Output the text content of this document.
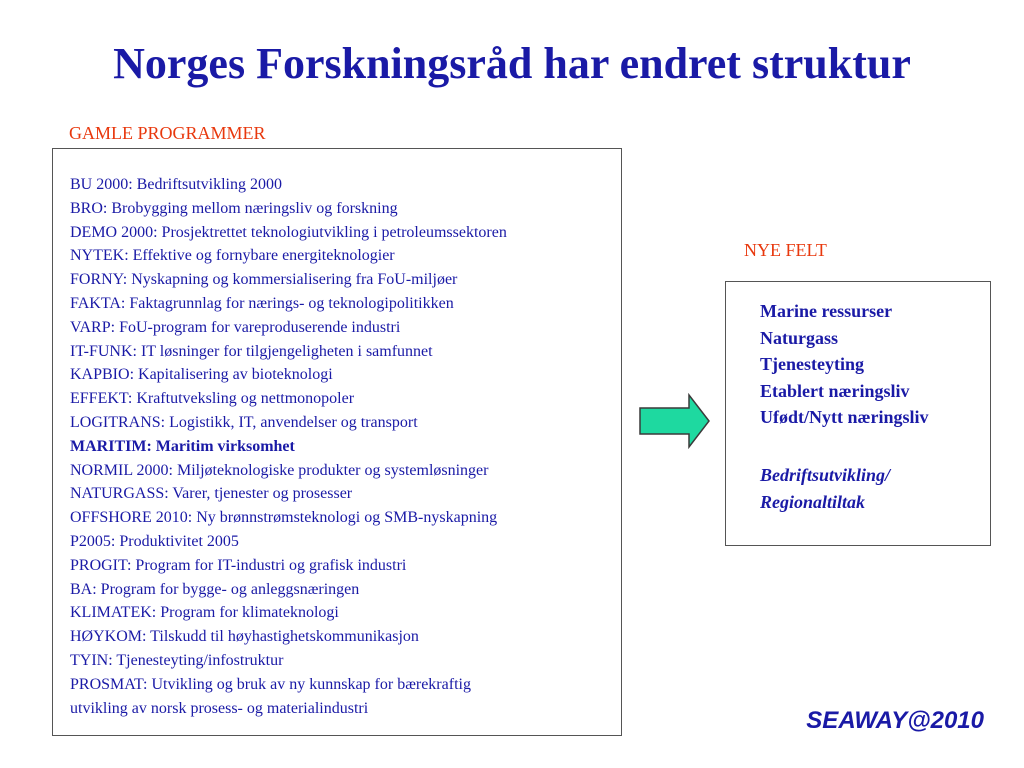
Norges Forskningsråd har endret struktur
GAMLE PROGRAMMER
BU 2000: Bedriftsutvikling 2000
BRO: Brobygging mellom næringsliv og forskning
DEMO 2000: Prosjektrettet teknologiutvikling i petroleumssektoren
NYTEK: Effektive og fornybare energiteknologier
FORNY: Nyskapning og kommersialisering fra FoU-miljøer
FAKTA: Faktagrunnlag for nærings- og teknologipolitikken
VARP: FoU-program for vareproduserende industri
IT-FUNK: IT løsninger for tilgjengeligheten i samfunnet
KAPBIO: Kapitalisering av bioteknologi
EFFEKT: Kraftutveksling og nettmonopoler
LOGITRANS: Logistikk, IT, anvendelser og transport
MARITIM: Maritim virksomhet
NORMIL 2000: Miljøteknologiske produkter og systemløsninger
NATURGASS: Varer, tjenester og prosesser
OFFSHORE 2010: Ny brønnstrømsteknologi og SMB-nyskapning
P2005: Produktivitet 2005
PROGIT: Program for IT-industri og grafisk industri
BA: Program for bygge- og anleggsnæringen
KLIMATEK: Program for klimateknologi
HØYKOM: Tilskudd til høyhastighetskommunikasjon
TYIN: Tjenesteyting/infostruktur
PROSMAT: Utvikling og bruk av ny kunnskap for bærekraftig
utvikling av norsk prosess- og materialindustri
NYE FELT
Marine ressurser
Naturgass
Tjenesteyting
Etablert næringsliv
Ufødt/Nytt næringsliv
Bedriftsutvikling/
Regionaltiltak
SEAWAY@2010
